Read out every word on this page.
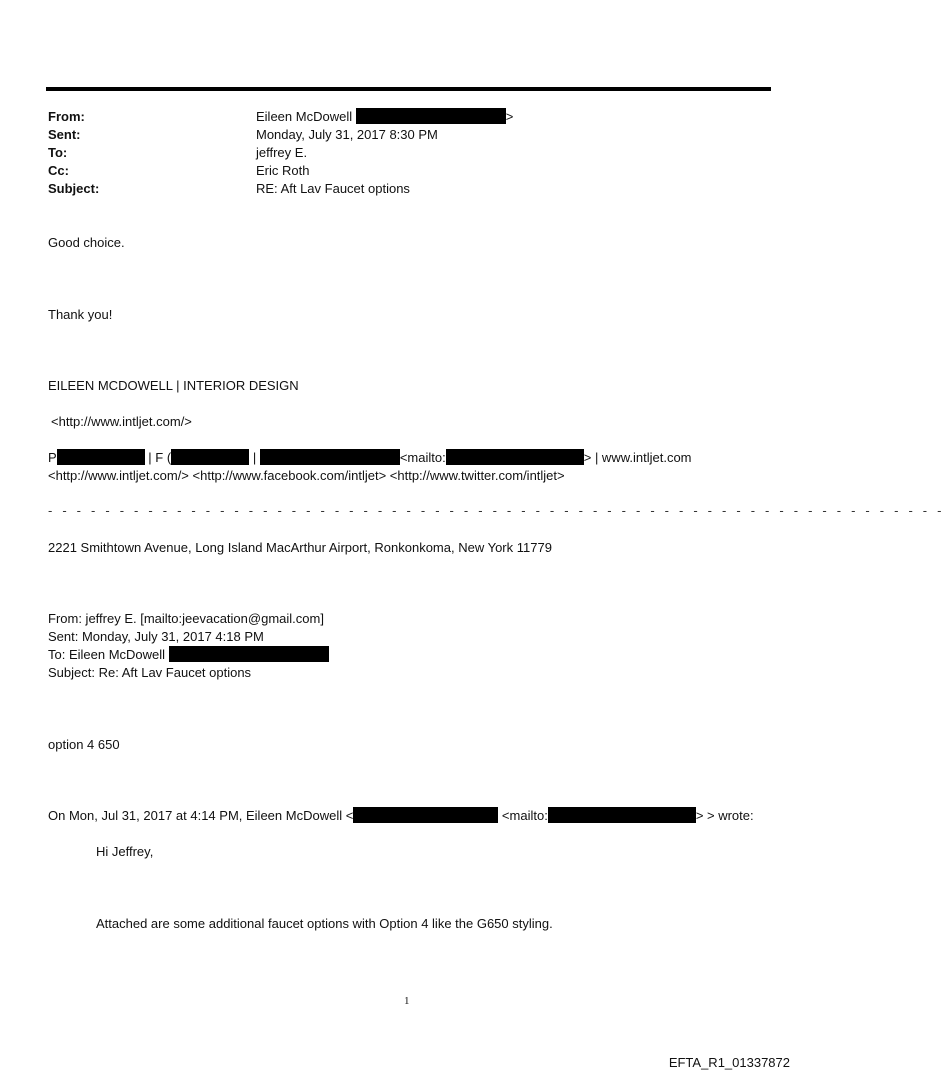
From:	Eileen McDowell	>
Sent:	Monday, July 31, 2017 8:30 PM
To:	jeffrey E.
Cc:	Eric Roth
Subject:	RE: Aft Lav Faucet options
Good choice.
Thank you!
EILEEN MCDOWELL | INTERIOR DESIGN
<http://www.intljet.com/>
P	| F (	|	<mailto:	> | www.intljet.com
<http://www.intljet.com/> <http://www.facebook.com/intljet> <http://www.twitter.com/intljet>
- - - - - - - - - - - - - - - - - - - - - - - - - - - - - - - - - - - - - - - - - - - - - - - - - - - - - - - - - - - - - - -
2221 Smithtown Avenue, Long Island MacArthur Airport, Ronkonkoma, New York 11779
From: jeffrey E. [mailto:jeevacation@gmail.com]
Sent: Monday, July 31, 2017 4:18 PM
To: Eileen McDowell
Subject: Re: Aft Lav Faucet options
option 4 650
On Mon, Jul 31, 2017 at 4:14 PM, Eileen McDowell <	<mailto:	> > wrote:
Hi Jeffrey,
Attached are some additional faucet options with Option 4 like the G650 styling.
1
EFTA_R1_01337872
